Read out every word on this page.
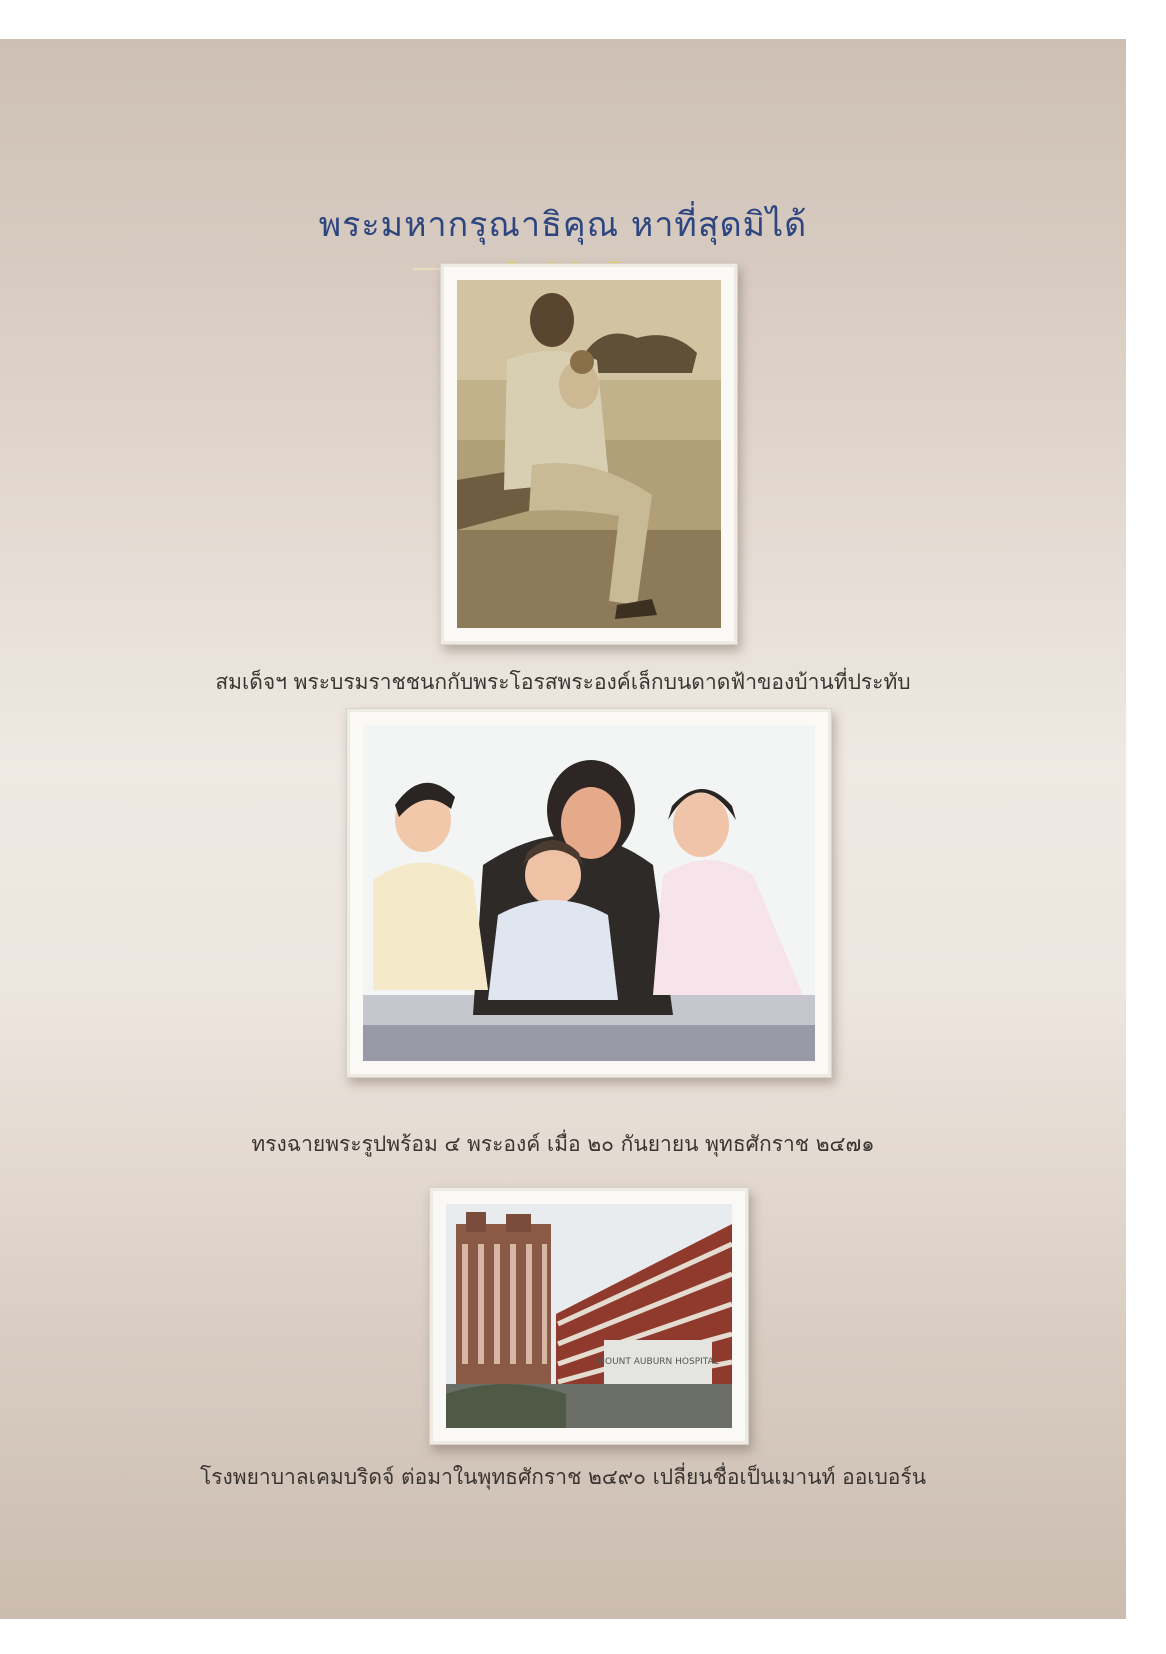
พระมหากรุณาธิคุณ หาที่สุดมิได้
สมเด็จฯ พระบรมราชชนกกับพระโอรสพระองค์เล็กบนดาดฟ้าของบ้านที่ประทับ
ทรงฉายพระรูปพร้อม ๔ พระองค์ เมื่อ ๒๐ กันยายน พุทธศักราช ๒๔๗๑
MOUNT AUBURN HOSPITAL
โรงพยาบาลเคมบริดจ์ ต่อมาในพุทธศักราช ๒๔๙๐ เปลี่ยนชื่อเป็นเมานท์ ออเบอร์น
